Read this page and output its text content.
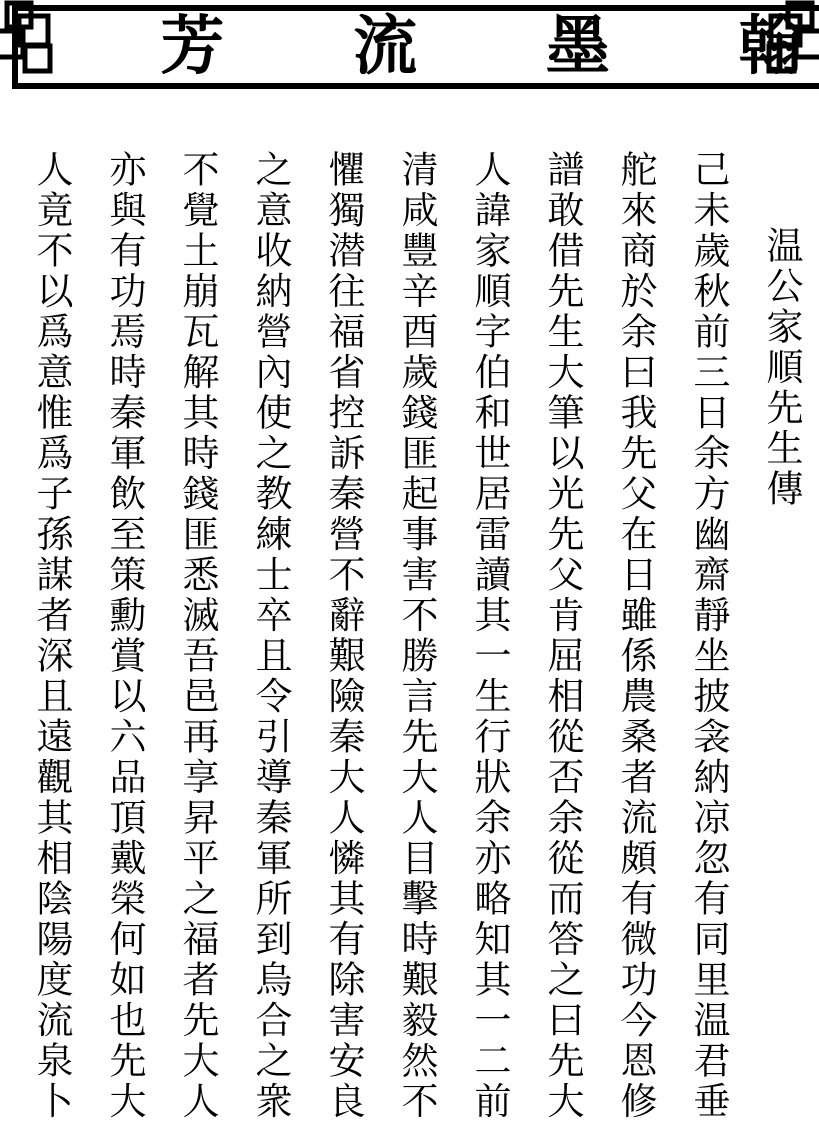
翰
墨
流
芳
温公家順先生傳
己未歲秋前三日余方幽齋靜坐披衾納凉忽有同里温君垂
舵來商於余曰我先父在日雖係農桑者流頗有微功今恩修
譜敢借先生大筆以光先父肯屈相從否余從而答之曰先大
人諱家順字伯和世居雷讀其一生行狀余亦略知其一二前
清咸豐辛酉歲錢匪起事害不勝言先大人目擊時艱毅然不
懼獨潜往福省控訴秦營不辭艱險秦大人憐其有除害安良
之意收納營內使之教練士卒且令引導秦軍所到烏合之衆
不覺土崩瓦解其時錢匪悉滅吾邑再享昇平之福者先大人
亦與有功焉時秦軍飲至策勳賞以六品頂戴榮何如也先大
人竟不以爲意惟爲子孫謀者深且遠觀其相陰陽度流泉卜
